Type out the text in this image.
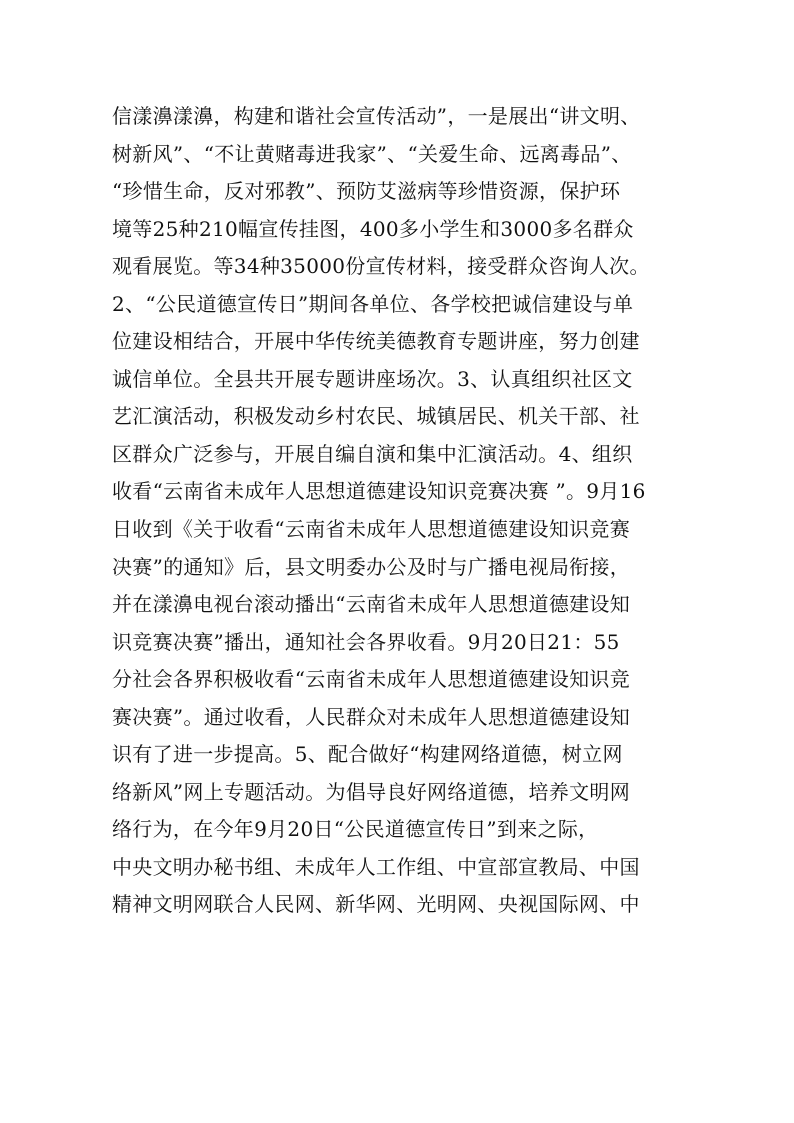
信漾濞漾濞，构建和谐社会宣传活动”，一是展出“讲文明、
树新风”、“不让黄赌毒进我家”、“关爱生命、远离毒品”、
“珍惜生命，反对邪教”、预防艾滋病等珍惜资源，保护环
境等25种210幅宣传挂图，400多小学生和3000多名群众
观看展览。等34种35000份宣传材料，接受群众咨询人次。
2、“公民道德宣传日”期间各单位、各学校把诚信建设与单
位建设相结合，开展中华传统美德教育专题讲座，努力创建
诚信单位。全县共开展专题讲座场次。3、认真组织社区文
艺汇演活动，积极发动乡村农民、城镇居民、机关干部、社
区群众广泛参与，开展自编自演和集中汇演活动。4、组织
收看“云南省未成年人思想道德建设知识竞赛决赛 ”。9月16
日收到《关于收看“云南省未成年人思想道德建设知识竞赛
决赛”的通知》后，县文明委办公及时与广播电视局衔接，
并在漾濞电视台滚动播出“云南省未成年人思想道德建设知
识竞赛决赛”播出，通知社会各界收看。9月20日21：55
分社会各界积极收看“云南省未成年人思想道德建设知识竞
赛决赛”。通过收看，人民群众对未成年人思想道德建设知
识有了进一步提高。5、配合做好“构建网络道德，树立网
络新风”网上专题活动。为倡导良好网络道德，培养文明网
络行为，在今年9月20日“公民道德宣传日”到来之际，
中央文明办秘书组、未成年人工作组、中宣部宣教局、中国
精神文明网联合人民网、新华网、光明网、央视国际网、中
